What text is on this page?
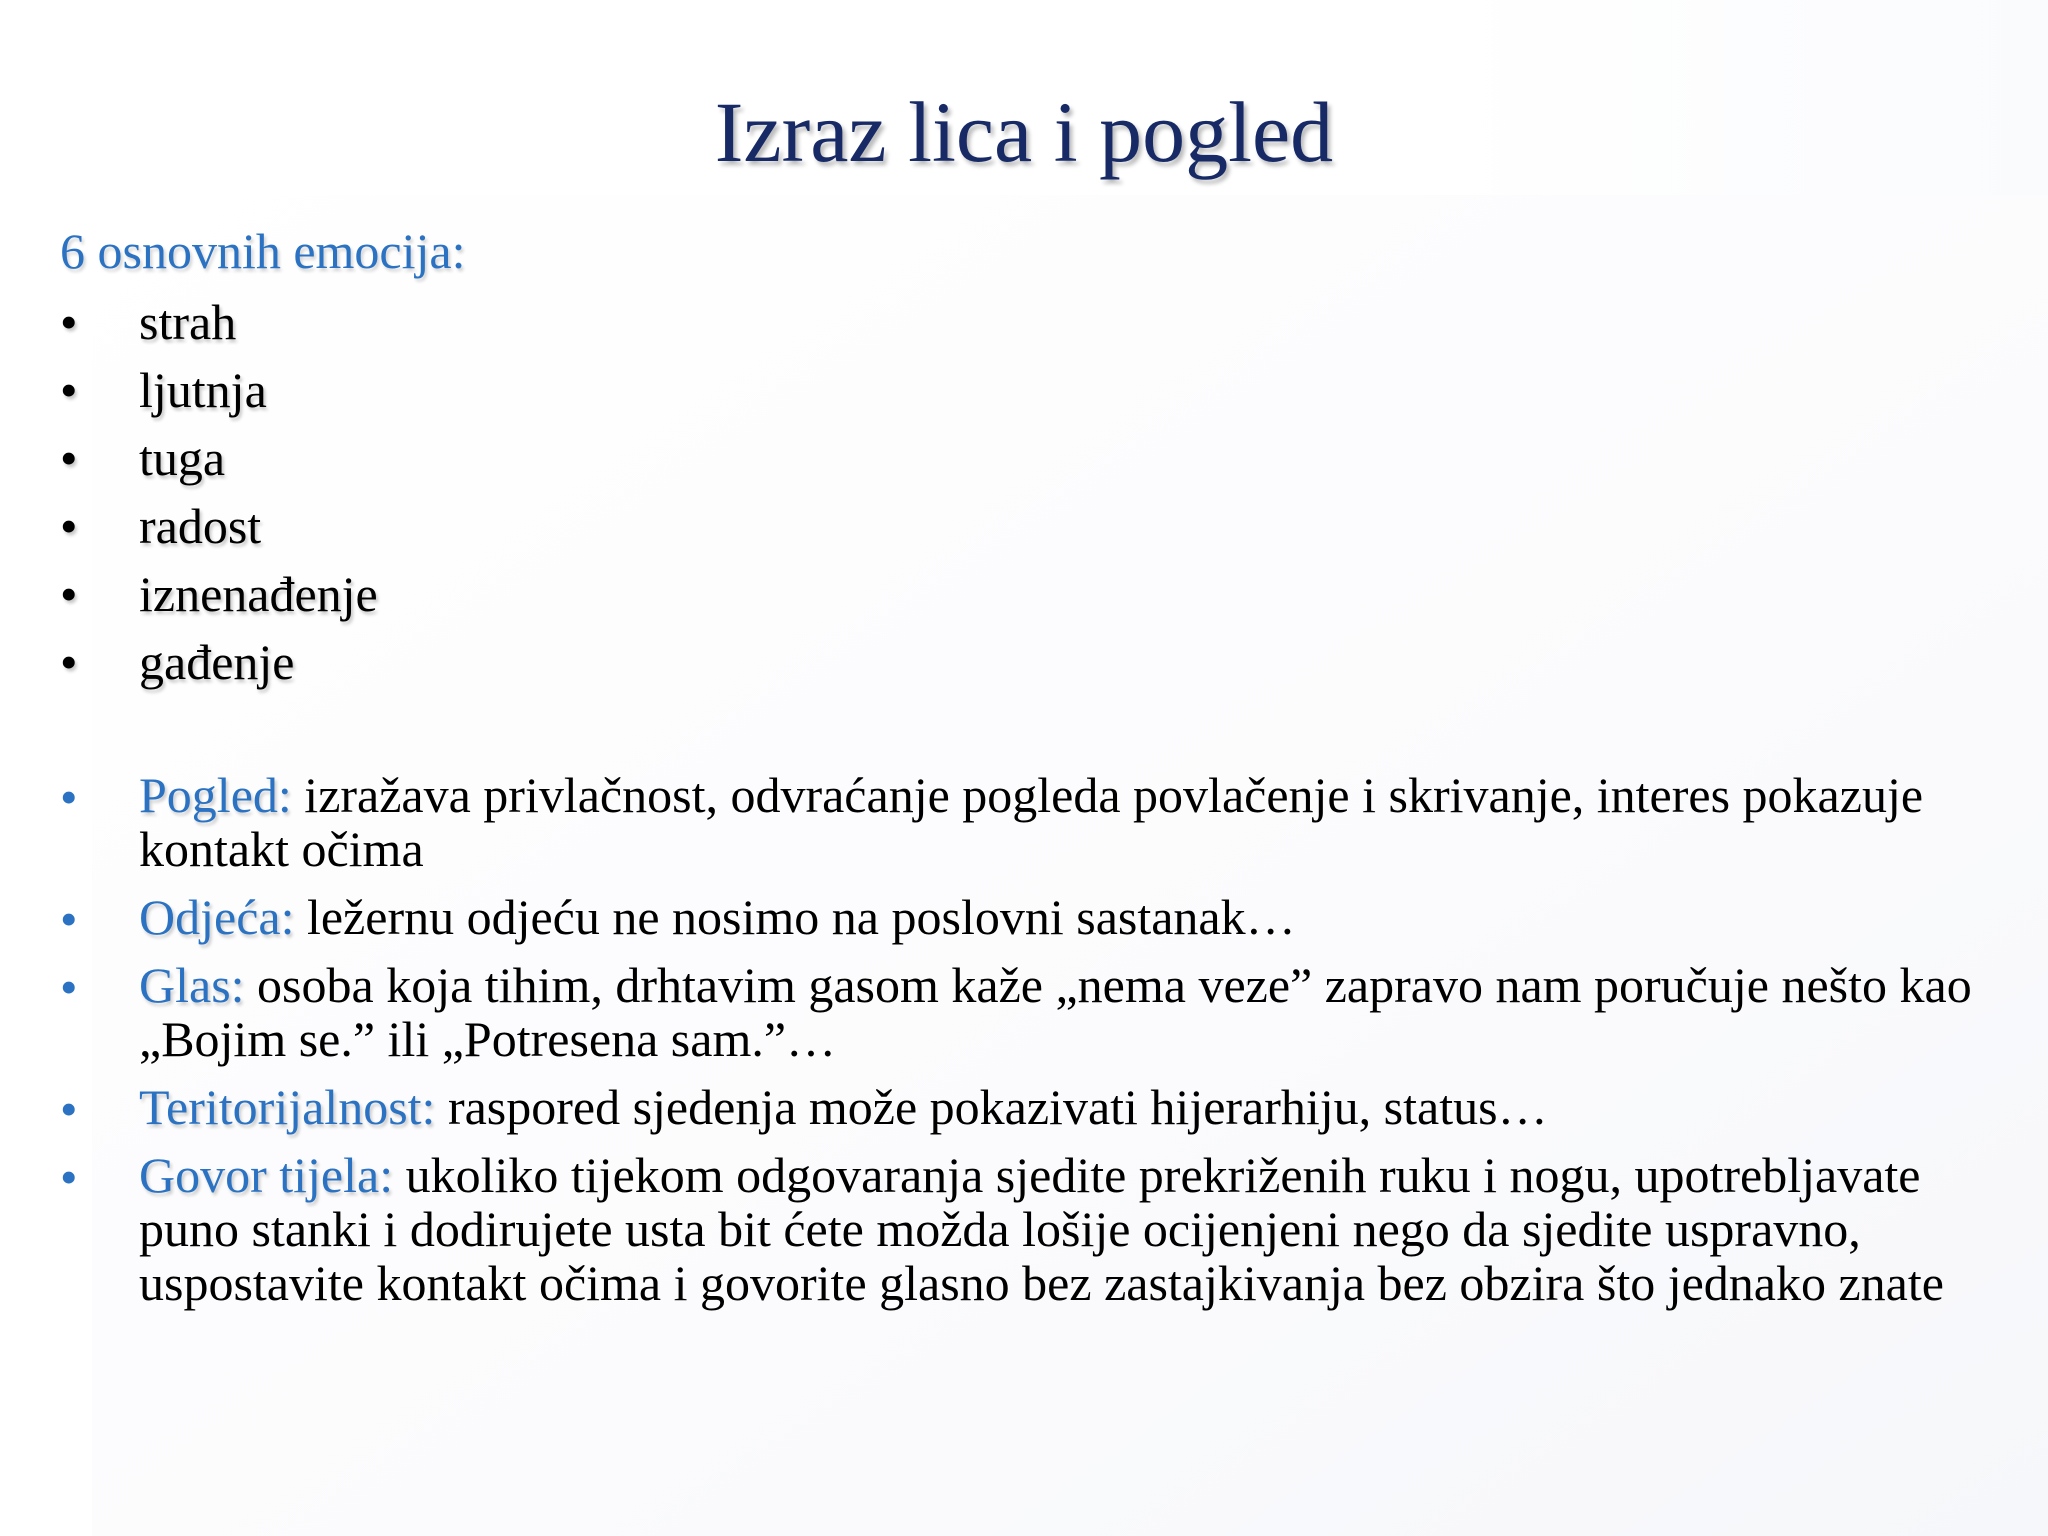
Izraz lica i pogled
6 osnovnih emocija:
• strah
• ljutnja
• tuga
• radost
• iznenađenje
• gađenje
• Pogled: izražava privlačnost, odvraćanje pogleda povlačenje i skrivanje, interes pokazuje kontakt očima
• Odjeća: ležernu odjeću ne nosimo na poslovni sastanak…
• Glas: osoba koja tihim, drhtavim gasom kaže „nema veze” zapravo nam poručuje nešto kao „Bojim se.” ili „Potresena sam.”…
• Teritorijalnost: raspored sjedenja može pokazivati hijerarhiju, status…
• Govor tijela: ukoliko tijekom odgovaranja sjedite prekriženih ruku i nogu, upotrebljavate puno stanki i dodirujete usta bit ćete možda lošije ocijenjeni nego da sjedite uspravno, uspostavite kontakt očima i govorite glasno bez zastajkivanja bez obzira što jednako znate
